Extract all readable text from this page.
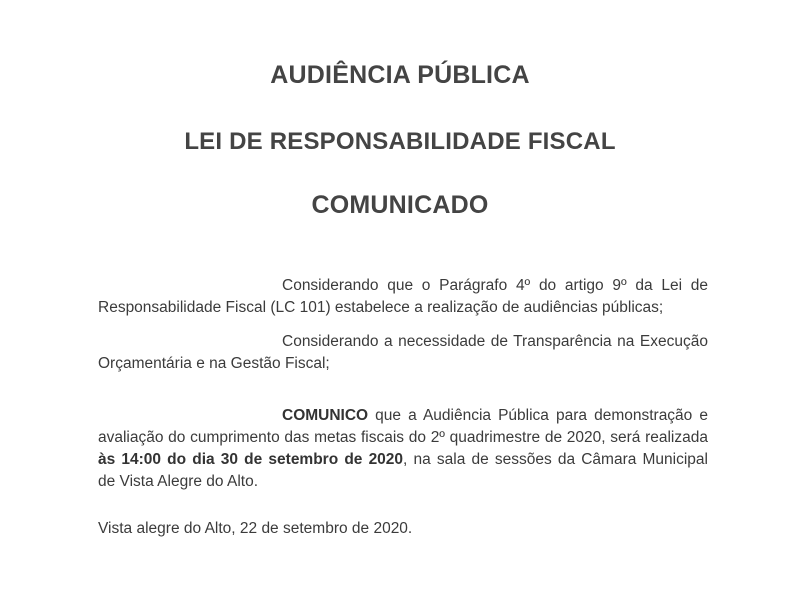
AUDIÊNCIA PÚBLICA
LEI DE RESPONSABILIDADE FISCAL
COMUNICADO
Considerando que o Parágrafo 4º do artigo 9º da Lei de
Responsabilidade Fiscal (LC 101) estabelece a realização de audiências públicas;
Considerando a necessidade de Transparência na Execução
Orçamentária e na Gestão Fiscal;
COMUNICO que a Audiência Pública para demonstração e
avaliação do cumprimento das metas fiscais do 2º quadrimestre de 2020, será realizada
às 14:00 do dia 30 de setembro de 2020, na sala de sessões da Câmara Municipal
de Vista Alegre do Alto.
Vista alegre do Alto, 22 de setembro de 2020.
